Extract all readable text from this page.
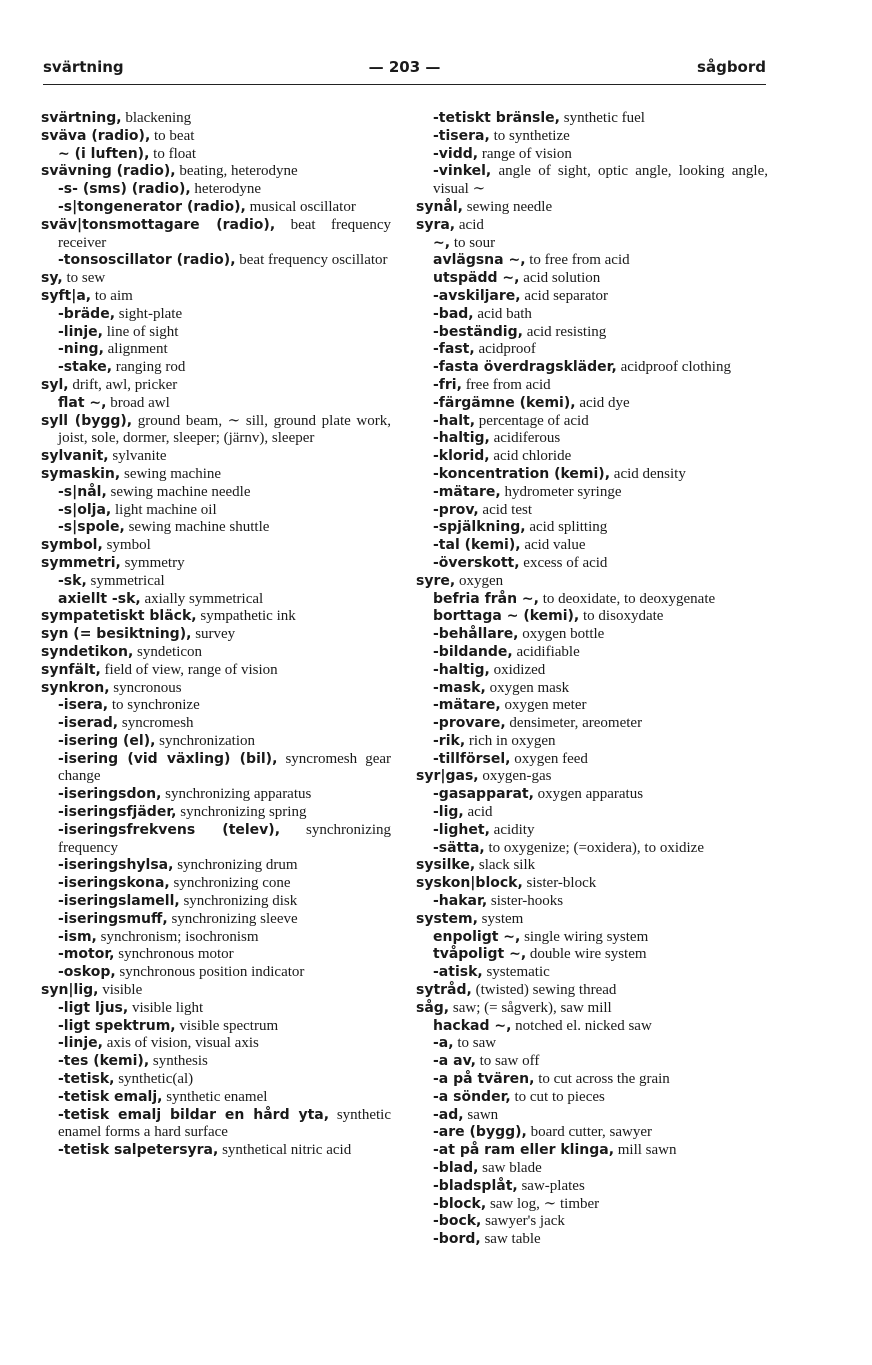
svärtning	— 203 —	sågbord
svärtning, blackening
sväva (radio), to beat
∼ (i luften), to float
svävning (radio), beating, heterodyne
-s- (sms) (radio), heterodyne
-s|tongenerator (radio), musical oscillator
sväv|tonsmottagare (radio), beat frequency receiver
-tonsoscillator (radio), beat frequency oscillator
sy, to sew
syft|a, to aim
-bräde, sight-plate
-linje, line of sight
-ning, alignment
-stake, ranging rod
syl, drift, awl, pricker
flat ∼, broad awl
syll (bygg), ground beam, ∼ sill, ground plate work, joist, sole, dormer, sleeper; (järnv), sleeper
sylvanit, sylvanite
symaskin, sewing machine
-s|nål, sewing machine needle
-s|olja, light machine oil
-s|spole, sewing machine shuttle
symbol, symbol
symmetri, symmetry
-sk, symmetrical
axiellt -sk, axially symmetrical
sympatetiskt bläck, sympathetic ink
syn (= besiktning), survey
syndetikon, syndeticon
synfält, field of view, range of vision
synkron, syncronous
-isera, to synchronize
-iserad, syncromesh
-isering (el), synchronization
-isering (vid växling) (bil), syncromesh gear change
-iseringsdon, synchronizing apparatus
-iseringsfjäder, synchronizing spring
-iseringsfrekvens (telev), synchronizing frequency
-iseringshylsa, synchronizing drum
-iseringskona, synchronizing cone
-iseringslamell, synchronizing disk
-iseringsmuff, synchronizing sleeve
-ism, synchronism; isochronism
-motor, synchronous motor
-oskop, synchronous position indicator
syn|lig, visible
-ligt ljus, visible light
-ligt spektrum, visible spectrum
-linje, axis of vision, visual axis
-tes (kemi), synthesis
-tetisk, synthetic(al)
-tetisk emalj, synthetic enamel
-tetisk emalj bildar en hård yta, synthetic enamel forms a hard surface
-tetisk salpetersyra, synthetical nitric acid
-tetiskt bränsle, synthetic fuel
-tisera, to synthetize
-vidd, range of vision
-vinkel, angle of sight, optic angle, looking angle, visual ∼
synål, sewing needle
syra, acid
∼, to sour
avlägsna ∼, to free from acid
utspädd ∼, acid solution
-avskiljare, acid separator
-bad, acid bath
-beständig, acid resisting
-fast, acidproof
-fasta överdragskläder, acidproof clothing
-fri, free from acid
-färgämne (kemi), acid dye
-halt, percentage of acid
-haltig, acidiferous
-klorid, acid chloride
-koncentration (kemi), acid density
-mätare, hydrometer syringe
-prov, acid test
-spjälkning, acid splitting
-tal (kemi), acid value
-överskott, excess of acid
syre, oxygen
befria från ∼, to deoxidate, to deoxygenate
borttaga ∼ (kemi), to disoxydate
-behållare, oxygen bottle
-bildande, acidifiable
-haltig, oxidized
-mask, oxygen mask
-mätare, oxygen meter
-provare, densimeter, areometer
-rik, rich in oxygen
-tillförsel, oxygen feed
syr|gas, oxygen-gas
-gasapparat, oxygen apparatus
-lig, acid
-lighet, acidity
-sätta, to oxygenize; (=oxidera), to oxidize
sysilke, slack silk
syskon|block, sister-block
-hakar, sister-hooks
system, system
enpoligt ∼, single wiring system
tvåpoligt ∼, double wire system
-atisk, systematic
sytråd, (twisted) sewing thread
såg, saw; (= sågverk), saw mill
hackad ∼, notched el. nicked saw
-a, to saw
-a av, to saw off
-a på tvären, to cut across the grain
-a sönder, to cut to pieces
-ad, sawn
-are (bygg), board cutter, sawyer
-at på ram eller klinga, mill sawn
-blad, saw blade
-bladsplåt, saw-plates
-block, saw log, ∼ timber
-bock, sawyer's jack
-bord, saw table
